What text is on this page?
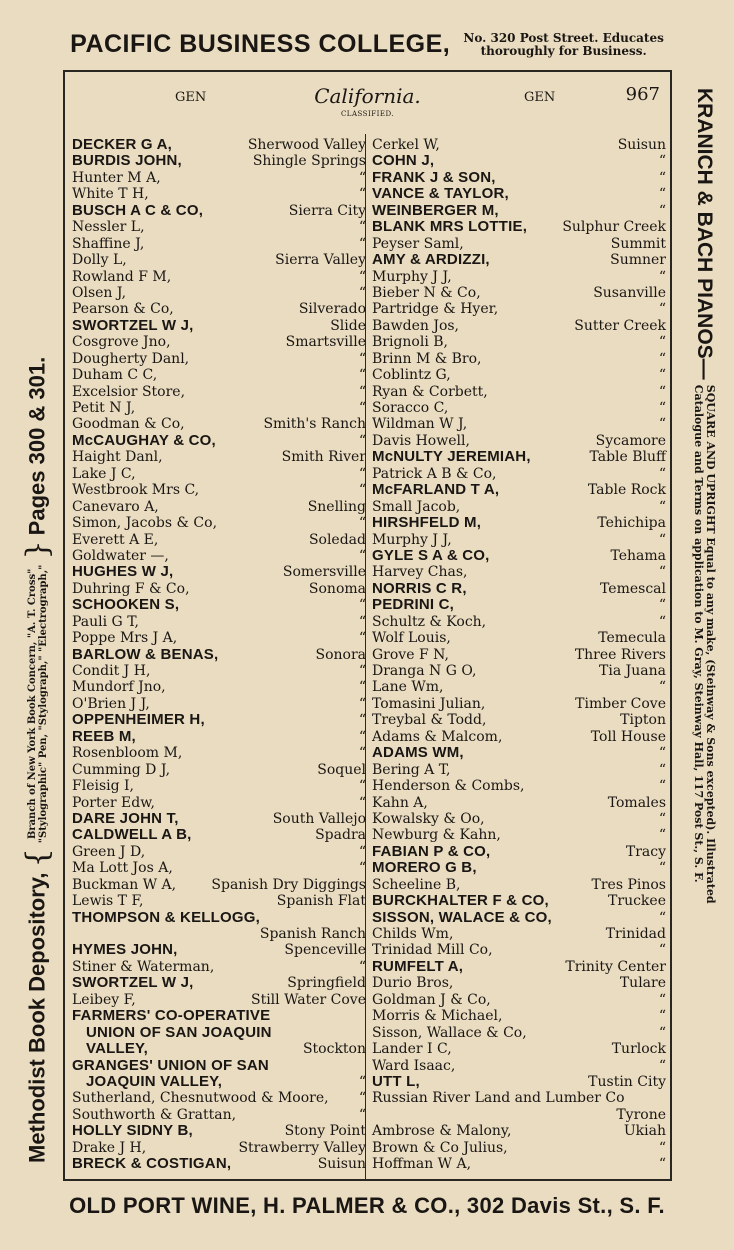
PACIFIC BUSINESS COLLEGE, No. 320 Post Street. Educates
thoroughly for Business.
Methodist Book Depository, { Branch of New York Book Concern, "A. T. Cross"
"Stylographic" Pen, "Stylograph," "Electrograph," } Pages 300 & 301.
KRANICH & BACH PIANOS— SQUARE AND UPRIGHT Equal to any make, (Steinway & Sons excepted). Illustrated
Catalogue and Terms on application to M. Gray, Steinway Hall, 117 Post St., S. F.
GEN	California.
CLASSIFIED.
GEN	967
DECKER G A,	Sherwood Valley
BURDIS JOHN,	Shingle Springs
Hunter M A,	“
White T H,	“
BUSCH A C & CO,	Sierra City
Nessler L,	“
Shaffine J,	“
Dolly L,	Sierra Valley
Rowland F M,	“
Olsen J,	“
Pearson & Co,	Silverado
SWORTZEL W J,	Slide
Cosgrove Jno,	Smartsville
Dougherty Danl,	“
Duham C C,	“
Excelsior Store,	“
Petit N J,	“
Goodman & Co,	Smith's Ranch
McCAUGHAY & CO,	“
Haight Danl,	Smith River
Lake J C,	“
Westbrook Mrs C,	“
Canevaro A,	Snelling
Simon, Jacobs & Co,	“
Everett A E,	Soledad
Goldwater —,	“
HUGHES W J,	Somersville
Duhring F & Co,	Sonoma
SCHOOKEN S,	“
Pauli G T,	“
Poppe Mrs J A,	“
BARLOW & BENAS,	Sonora
Condit J H,	“
Mundorf Jno,	“
O'Brien J J,	“
OPPENHEIMER H,	“
REEB M,	“
Rosenbloom M,	“
Cumming D J,	Soquel
Fleisig I,	“
Porter Edw,	“
DARE JOHN T,	South Vallejo
CALDWELL A B,	Spadra
Green J D,	“
Ma Lott Jos A,	“
Buckman W A,	Spanish Dry Diggings
Lewis T F,	Spanish Flat
THOMPSON & KELLOGG,
Spanish Ranch
HYMES JOHN,	Spenceville
Stiner & Waterman,	“
SWORTZEL W J,	Springfield
Leibey F,	Still Water Cove
FARMERS' CO-OPERATIVE
UNION OF SAN JOAQUIN
VALLEY,	Stockton
GRANGES' UNION OF SAN
JOAQUIN VALLEY,	“
Sutherland, Chesnutwood & Moore, “
Southworth & Grattan,	“
HOLLY SIDNY B,	Stony Point
Drake J H,	Strawberry Valley
BRECK & COSTIGAN,	Suisun
Cerkel W,	Suisun
COHN J,	“
FRANK J & SON,	“
VANCE & TAYLOR,	“
WEINBERGER M,	“
BLANK MRS LOTTIE,	Sulphur Creek
Peyser Saml,	Summit
AMY & ARDIZZI,	Sumner
Murphy J J,	“
Bieber N & Co,	Susanville
Partridge & Hyer,	“
Bawden Jos,	Sutter Creek
Brignoli B,	“
Brinn M & Bro,	“
Coblintz G,	“
Ryan & Corbett,	“
Soracco C,	“
Wildman W J,	“
Davis Howell,	Sycamore
McNULTY JEREMIAH,	Table Bluff
Patrick A B & Co,	“
McFARLAND T A,	Table Rock
Small Jacob,	“
HIRSHFELD M,	Tehichipa
Murphy J J,	“
GYLE S A & CO,	Tehama
Harvey Chas,	“
NORRIS C R,	Temescal
PEDRINI C,	“
Schultz & Koch,	“
Wolf Louis,	Temecula
Grove F N,	Three Rivers
Dranga N G O,	Tia Juana
Lane Wm,	“
Tomasini Julian,	Timber Cove
Treybal & Todd,	Tipton
Adams & Malcom,	Toll House
ADAMS WM,	“
Bering A T,	“
Henderson & Combs,	“
Kahn A,	Tomales
Kowalsky & Oo,	“
Newburg & Kahn,	“
FABIAN P & CO,	Tracy
MORERO G B,	“
Scheeline B,	Tres Pinos
BURCKHALTER F & CO,	Truckee
SISSON, WALACE & CO,	“
Childs Wm,	Trinidad
Trinidad Mill Co,	“
RUMFELT A,	Trinity Center
Durio Bros,	Tulare
Goldman J & Co,	“
Morris & Michael,	“
Sisson, Wallace & Co,	“
Lander I C,	Turlock
Ward Isaac,	“
UTT L,	Tustin City
Russian River Land and Lumber Co
Tyrone
Ambrose & Malony,	Ukiah
Brown & Co Julius,	“
Hoffman W A,	“
OLD PORT WINE, H. PALMER & CO., 302 Davis St., S. F.
